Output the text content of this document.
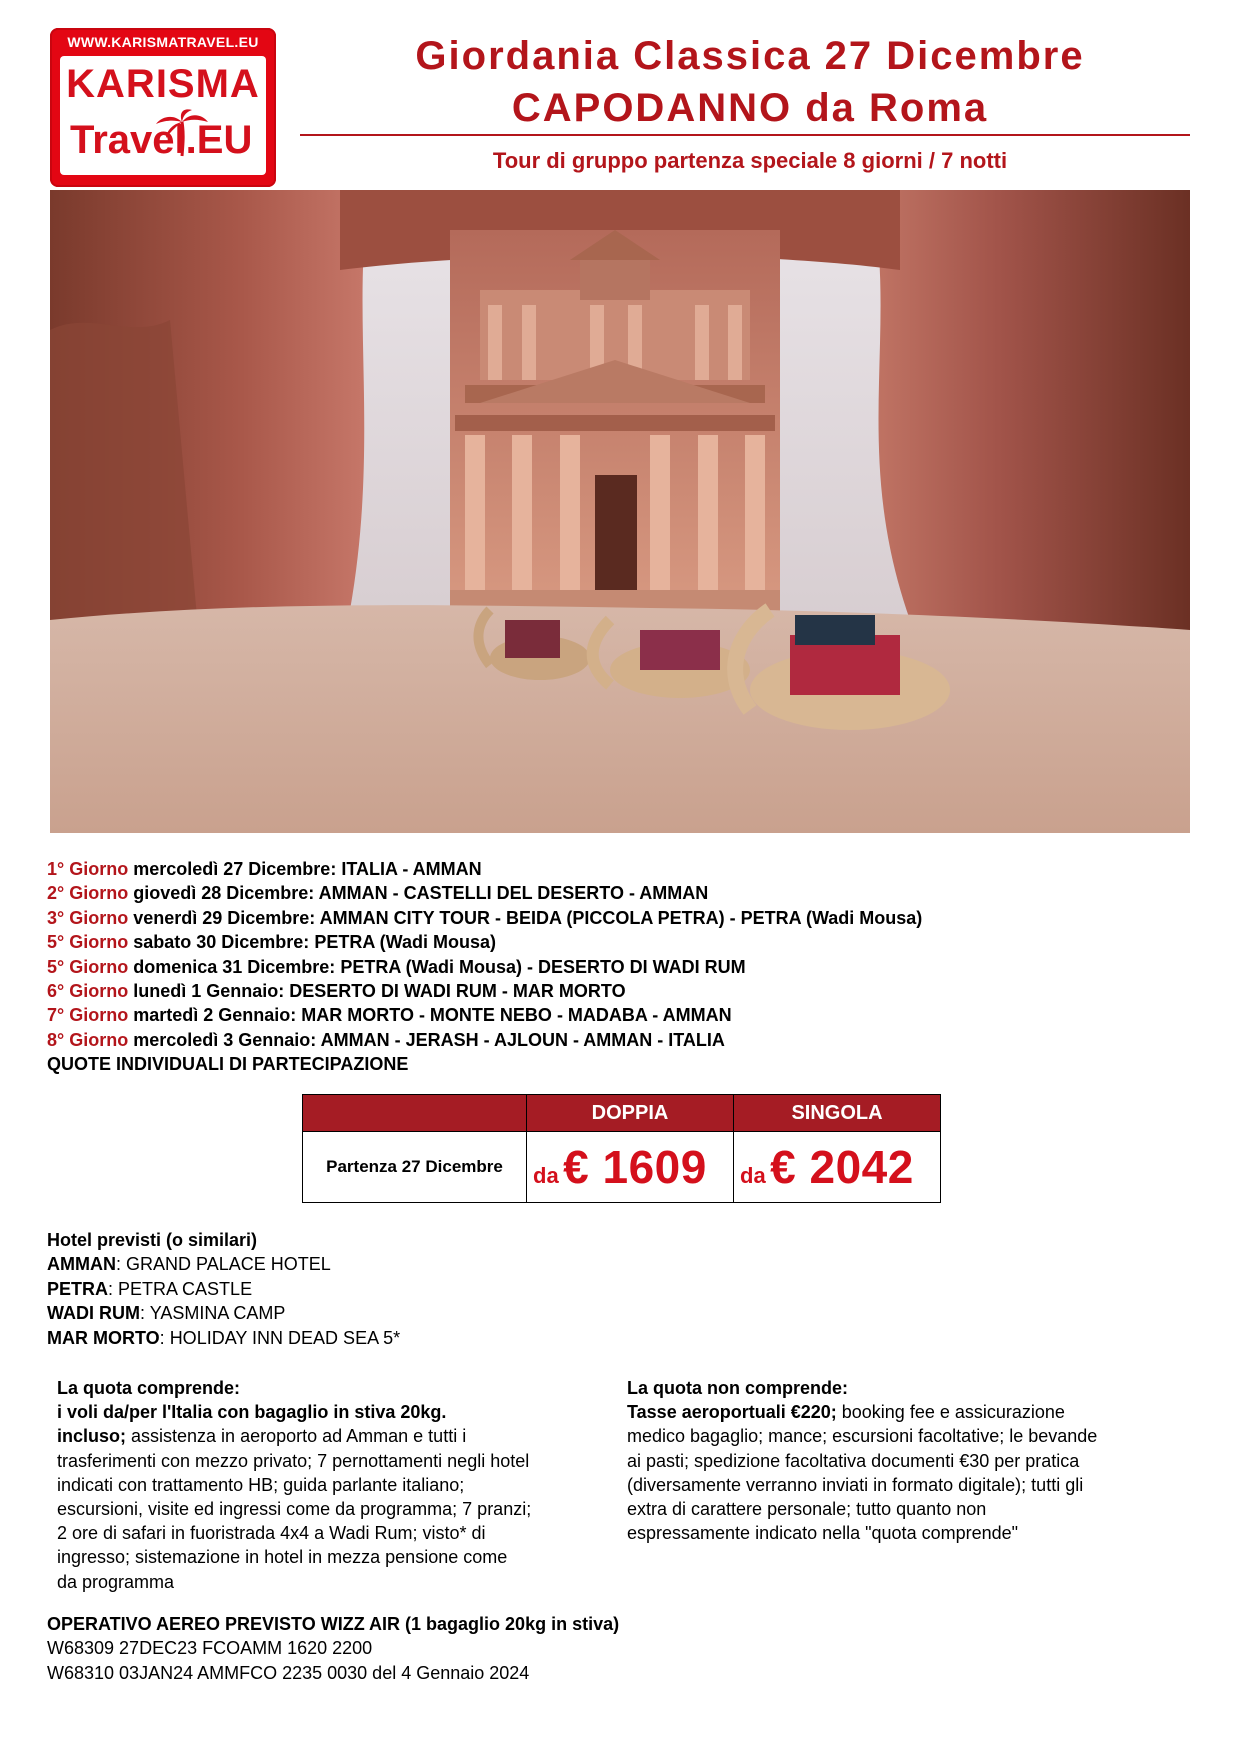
WWW.KARISMATRAVEL.EU
KARISMA
Travel.EU
Giordania Classica 27 Dicembre
CAPODANNO da Roma
Tour di gruppo partenza speciale 8 giorni / 7 notti
1° Giorno mercoledì 27 Dicembre: ITALIA - AMMAN
2° Giorno giovedì 28 Dicembre: AMMAN - CASTELLI DEL DESERTO - AMMAN
3° Giorno venerdì 29 Dicembre: AMMAN CITY TOUR - BEIDA (PICCOLA PETRA) - PETRA (Wadi Mousa)
5° Giorno sabato 30 Dicembre: PETRA (Wadi Mousa)
5° Giorno domenica 31 Dicembre: PETRA (Wadi Mousa) - DESERTO DI WADI RUM
6° Giorno lunedì 1 Gennaio: DESERTO DI WADI RUM - MAR MORTO
7° Giorno martedì 2 Gennaio: MAR MORTO - MONTE NEBO - MADABA - AMMAN
8° Giorno mercoledì 3 Gennaio: AMMAN - JERASH - AJLOUN - AMMAN - ITALIA
QUOTE INDIVIDUALI DI PARTECIPAZIONE
	DOPPIA	SINGOLA
Partenza 27 Dicembre	da € 1609	da € 2042
Hotel previsti (o similari)
AMMAN: GRAND PALACE HOTEL
PETRA: PETRA CASTLE
WADI RUM: YASMINA CAMP
MAR MORTO: HOLIDAY INN DEAD SEA 5*
La quota comprende:
i voli da/per l'Italia con bagaglio in stiva 20kg.
incluso; assistenza in aeroporto ad Amman e tutti i
trasferimenti con mezzo privato; 7 pernottamenti negli hotel
indicati con trattamento HB; guida parlante italiano;
escursioni, visite ed ingressi come da programma; 7 pranzi;
2 ore di safari in fuoristrada 4x4 a Wadi Rum; visto* di
ingresso; sistemazione in hotel in mezza pensione come
da programma
La quota non comprende:
Tasse aeroportuali €220; booking fee e assicurazione
medico bagaglio; mance; escursioni facoltative; le bevande
ai pasti; spedizione facoltativa documenti €30 per pratica
(diversamente verranno inviati in formato digitale); tutti gli
extra di carattere personale; tutto quanto non
espressamente indicato nella "quota comprende"
OPERATIVO AEREO PREVISTO WIZZ AIR (1 bagaglio 20kg in stiva)
W68309 27DEC23 FCOAMM 1620 2200
W68310 03JAN24 AMMFCO 2235 0030 del 4 Gennaio 2024
